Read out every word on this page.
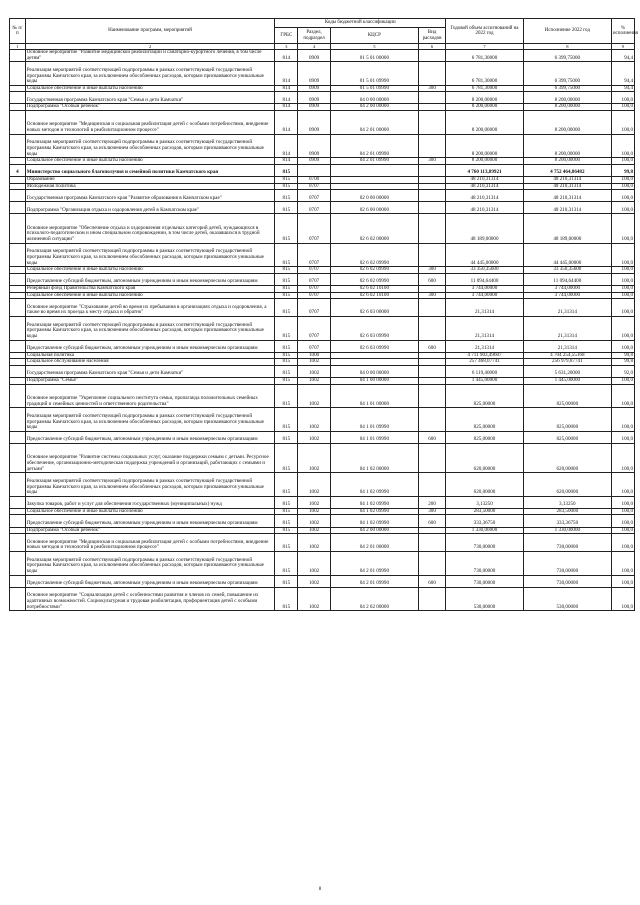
№ п/п	Наименование программ, мероприятий	Коды бюджетной классификации				Годовой объем ассигнований на 2022 год	Исполнение 2022 год	% исполнения
		ГРБС	Раздел, подраздел	КЦСР	Вид расходов			
1	2	3	4	5	6	7	8	9
	Основное мероприятие "Развитие медицинской реабилитации и санаторно-курортного лечения, в том числе детям"	814	0909	01 5 01 00000		6 781,30000	6 399,75000	94,4
	Реализация мероприятий соответствующей подпрограммы в рамках соответствующей государственной программы Камчатского края, за исключением обособленных расходов, которым присваиваются уникальные коды	814	0909	01 5 01 09990		6 781,30000	6 399,75000	94,4
	Социальное обеспечение и иные выплаты населению	814	0909	01 5 01 09990	300	6 781,30000	6 399,75000	94,4
	Государственная программа Камчатского края "Семья и дети Камчатки"	814	0909	04 0 00 00000		8 200,00000	8 200,00000	100,0
	Подпрограмма "Особый ребенок"	814	0909	04 2 00 00000		8 200,00000	8 200,00000	100,0
	Основное мероприятие "Медицинская и социальная реабилитация детей с особыми потребностями, внедрение новых методов и технологий в реабилитационном процессе"	814	0909	04 2 01 00000		8 200,00000	8 200,00000	100,0
	Реализация мероприятий соответствующей подпрограммы в рамках соответствующей государственной программы Камчатского края, за исключением обособленных расходов, которым присваиваются уникальные коды	814	0909	04 2 01 09990		8 200,00000	8 200,00000	100,0
	Социальное обеспечение и иные выплаты населению	814	0909	04 2 01 09990	300	8 200,00000	8 200,00000	100,0
4	Министерство социального благополучия и семейной политики Камчатского края	815				4 760 113,89921	4 752 464,86482	99,8
	Образование	815	0700			48 210,31314	48 210,31314	100,0
	Молодежная политика	815	0707			48 210,31314	48 210,31314	100,0
	Государственная программа Камчатского края "Развитие образования в Камчатском крае"	815	0707	02 0 00 00000		48 210,31314	48 210,31314	100,0
	Подпрограмма "Организация отдыха и оздоровления детей в Камчатском крае"	815	0707	02 6 00 00000		48 210,31314	48 210,31314	100,0
	Основное мероприятие "Обеспечение отдыха и оздоровления отдельных категорий детей, нуждающихся в психолого-педагогическом и ином специальном сопровождении, в том числе детей, оказавшихся в трудной жизненной ситуации"	815	0707	02 6 02 00000		48 189,00000	48 189,00000	100,0
	Реализация мероприятий соответствующей подпрограммы в рамках соответствующей государственной программы Камчатского края, за исключением обособленных расходов, которым присваиваются уникальные коды	815	0707	02 6 02 09990		44 445,00000	44 445,00000	100,0
	Социальное обеспечение и иные выплаты населению	815	0707	02 6 02 09990	300	33 350,35600	33 350,35600	100,0
	Предоставление субсидий бюджетным, автономным учреждениям и иным некоммерческим организациям	815	0707	02 6 02 09990	600	11 094,64400	11 094,64400	100,0
	Резервный фонд Правительства Камчатского края	815	0707	02 6 02 10100		3 744,00000	3 744,00000	100,0
	Социальное обеспечение и иные выплаты населению	815	0707	02 6 02 10100	300	3 744,00000	3 744,00000	100,0
	Основное мероприятие "Страхование детей во время их пребывания в организациях отдыха и оздоровления, а также во время их проезда к месту отдыха и обратно"	815	0707	02 6 03 00000		21,31314	21,31314	100,0
	Реализация мероприятий соответствующей подпрограммы в рамках соответствующей государственной программы Камчатского края, за исключением обособленных расходов, которым присваиваются уникальные коды	815	0707	02 6 03 09990		21,31314	21,31314	100,0
	Предоставление субсидий бюджетным, автономным учреждениям и иным некоммерческим организациям	815	0707	02 6 03 09990	600	21,31314	21,31314	100,0
	Социальная политика	815	1000			4 711 903,49607	4 704 254,55168	99,8
	Социальное обслуживание населения	815	1002			257 468,07741	256 979,87741	99,8
	Государственная программа Камчатского края "Семья и дети Камчатки"	815	1002	04 0 00 00000		6 119,40000	5 631,20000	92,0
	Подпрограмма "Семья"	815	1002	04 1 00 00000		1 445,00000	1 445,00000	100,0
	Основное мероприятие "Укрепление социального института семьи, пропаганда положительных семейных традиций и семейных ценностей и ответственного родительства"	815	1002	04 1 01 00000		825,00000	825,00000	100,0
	Реализация мероприятий соответствующей подпрограммы в рамках соответствующей государственной программы Камчатского края, за исключением обособленных расходов, которым присваиваются уникальные коды	815	1002	04 1 01 09990		825,00000	825,00000	100,0
	Предоставление субсидий бюджетным, автономным учреждениям и иным некоммерческим организациям	815	1002	04 1 01 09990	600	825,00000	825,00000	100,0
	Основное мероприятие "Развитие системы социальных услуг, оказание поддержки семьям с детьми. Ресурсное обеспечение, организационно-методическая поддержка учреждений и организаций, работающих с семьями и детьми"	815	1002	04 1 02 00000		620,00000	620,00000	100,0
	Реализация мероприятий соответствующей подпрограммы в рамках соответствующей государственной программы Камчатского края, за исключением обособленных расходов, которым присваиваются уникальные коды	815	1002	04 1 02 09990		620,00000	620,00000	100,0
	Закупка товаров, работ и услуг для обеспечения государственных (муниципальных) нужд	815	1002	04 1 02 09990	200	3,13250	3,13250	100,0
	Социальное обеспечение и иные выплаты населению	815	1002	04 1 02 09990	300	283,50000	283,50000	100,0
	Предоставление субсидий бюджетным, автономным учреждениям и иным некоммерческим организациям	815	1002	04 1 02 09990	600	333,36750	333,36750	100,0
	Подпрограмма "Особый ребенок"	815	1002	04 2 00 00000		1 330,00000	1 330,00000	100,0
	Основное мероприятие "Медицинская и социальная реабилитация детей с особыми потребностями, внедрение новых методов и технологий в реабилитационном процессе"	815	1002	04 2 01 00000		730,00000	730,00000	100,0
	Реализация мероприятий соответствующей подпрограммы в рамках соответствующей государственной программы Камчатского края, за исключением обособленных расходов, которым присваиваются уникальные коды	815	1002	04 2 01 09990		730,00000	730,00000	100,0
	Предоставление субсидий бюджетным, автономным учреждениям и иным некоммерческим организациям	815	1002	04 2 01 09990	600	730,00000	730,00000	100,0
	Основное мероприятие "Социализация детей с особенностями развития и членов их семей, повышение их адаптивных возможностей. Социокультурная и трудовая реабилитация, профориентация детей с особыми потребностями"	815	1002	04 2 02 00000		530,00000	530,00000	100,0
8
